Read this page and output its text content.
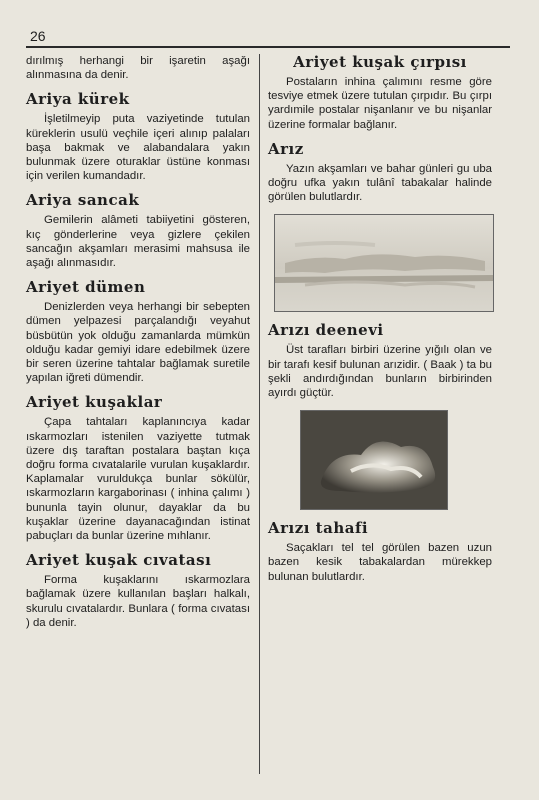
26

dırılmış herhangi bir işaretin aşağı alınmasına da denir.

Ariya kürek

İşletilmeyip puta vaziyetinde tutulan küreklerin usulü veçhile içeri alınıp palaları başa bakmak ve alabandalara yakın bulunmak üzere oturaklar üstüne konması için verilen kumandadır.

Ariya sancak

Gemilerin alâmeti tabiiyetini gösteren, kıç gönderlerine veya gizlere çekilen sancağın akşamları merasimi mahsusa ile aşağı alınmasıdır.

Ariyet dümen

Denizlerden veya herhangi bir sebepten dümen yelpazesi parçalandığı veyahut büsbütün yok olduğu zamanlarda mümkün olduğu kadar gemiyi idare edebilmek üzere bir seren üzerine tahtalar bağlamak suretile yapılan iğreti dümendir.

Ariyet kuşaklar

Çapa tahtaları kaplanıncıya kadar ıskarmozları istenilen vaziyette tutmak üzere dış taraftan postalara baştan kıça doğru forma cıvatalarile vurulan kuşaklardır. Kaplamalar vuruldukça bunlar sökülür, ıskarmozların kargaborinası ( inhina çalımı ) bununla tayin olunur, dayaklar da bu kuşaklar üzerine dayanacağından istinat pabuçları da bunlar üzerine mıhlanır.

Ariyet kuşak cıvatası

Forma kuşaklarını ıskarmozlara bağlamak üzere kullanılan başları halkalı, skurulu cıvatalardır. Bunlara ( forma cıvatası ) da denir.

Ariyet kuşak çırpısı

Postaların inhina çalımını resme göre tesviye etmek üzere tutulan çırpıdır. Bu çırpı yardımile postalar nişanlanır ve bu nişanlar üzerine formalar bağlanır.

Arız

Yazın akşamları ve bahar günleri gu uba doğru ufka yakın tulânî tabakalar halinde görülen bulutlardır.

Arızı deenevi

Üst tarafları birbiri üzerine yığılı olan ve bir tarafı kesif bulunan arızidir. ( Baak ) ta bu şekli andırdığından bunların birbirinden ayırdı güçtür.

Arızı tahafi

Saçakları tel tel görülen bazen uzun bazen kesik tabakalardan mürekkep bulunan bulutlardır.
